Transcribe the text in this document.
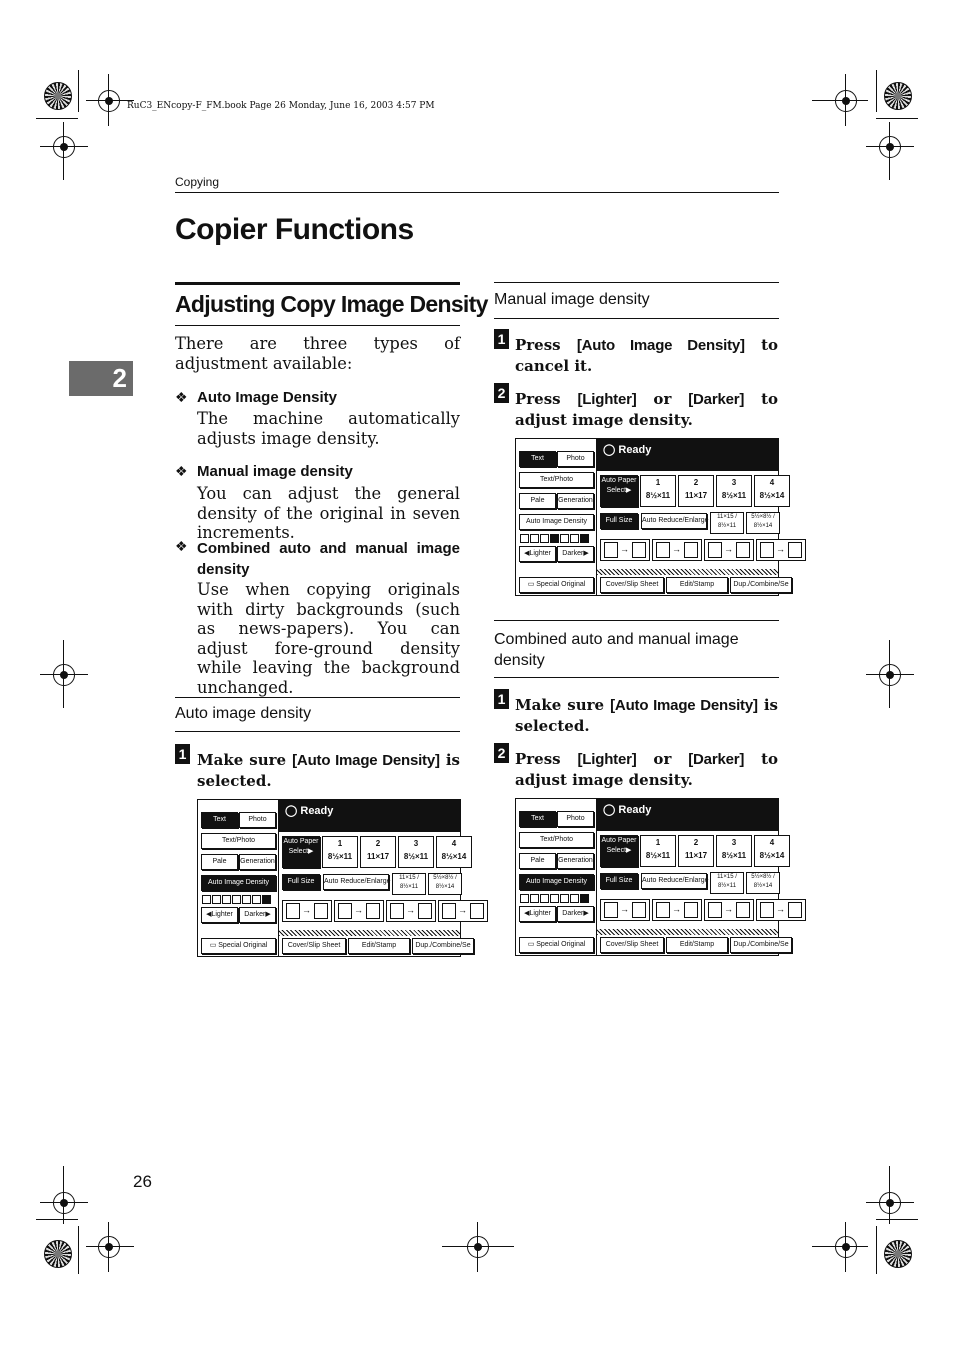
RuC3_ENcopy-F_FM.book Page 26 Monday, June 16, 2003 4:57 PM
Copying
2
Copier Functions
Adjusting Copy Image Density
There are three types of adjustment available:
❖ Auto Image Density
The machine automatically adjusts image density.
❖ Manual image density
You can adjust the general density of the original in seven increments.
❖ Combined auto and manual image density
Use when copying originals with dirty backgrounds (such as news-papers). You can adjust fore-ground density while leaving the background unchanged.
Auto image density
1 Make sure [Auto Image Density] is selected.
Manual image density
1 Press [Auto Image Density] to cancel it.
2 Press [Lighter] or [Darker] to adjust image density.
Combined auto and manual image density
1 Make sure [Auto Image Density] is selected.
2 Press [Lighter] or [Darker] to adjust image density.
Text	Photo
Text/Photo
Pale	Generation
Auto Image Density
◀Lighter	Darker▶
▭ Special Original
◯ Ready
Auto Paper Select▶
1
8½×11
2
11×17
3
8½×11
4
8½×14
Full Size	Auto Reduce/Enlarge	11×15 / 8½×11
5½×8½ / 8½×14
→	→	→	→
Cover/Slip Sheet	Edit/Stamp	Dup./Combine/Se
Text	Photo
Text/Photo
Pale	Generation
Auto Image Density
◀Lighter	Darker▶
▭ Special Original
◯ Ready
Auto Paper Select▶
1
8½×11
2
11×17
3
8½×11
4
8½×14
Full Size	Auto Reduce/Enlarge	11×15 / 8½×11
5½×8½ / 8½×14
→	→	→	→
Cover/Slip Sheet	Edit/Stamp	Dup./Combine/Se
Text	Photo
Text/Photo
Pale	Generation
Auto Image Density
◀Lighter	Darker▶
▭ Special Original
◯ Ready
Auto Paper Select▶
1
8½×11
2
11×17
3
8½×11
4
8½×14
Full Size	Auto Reduce/Enlarge	11×15 / 8½×11
5½×8½ / 8½×14
→	→	→	→
Cover/Slip Sheet	Edit/Stamp	Dup./Combine/Se
26
